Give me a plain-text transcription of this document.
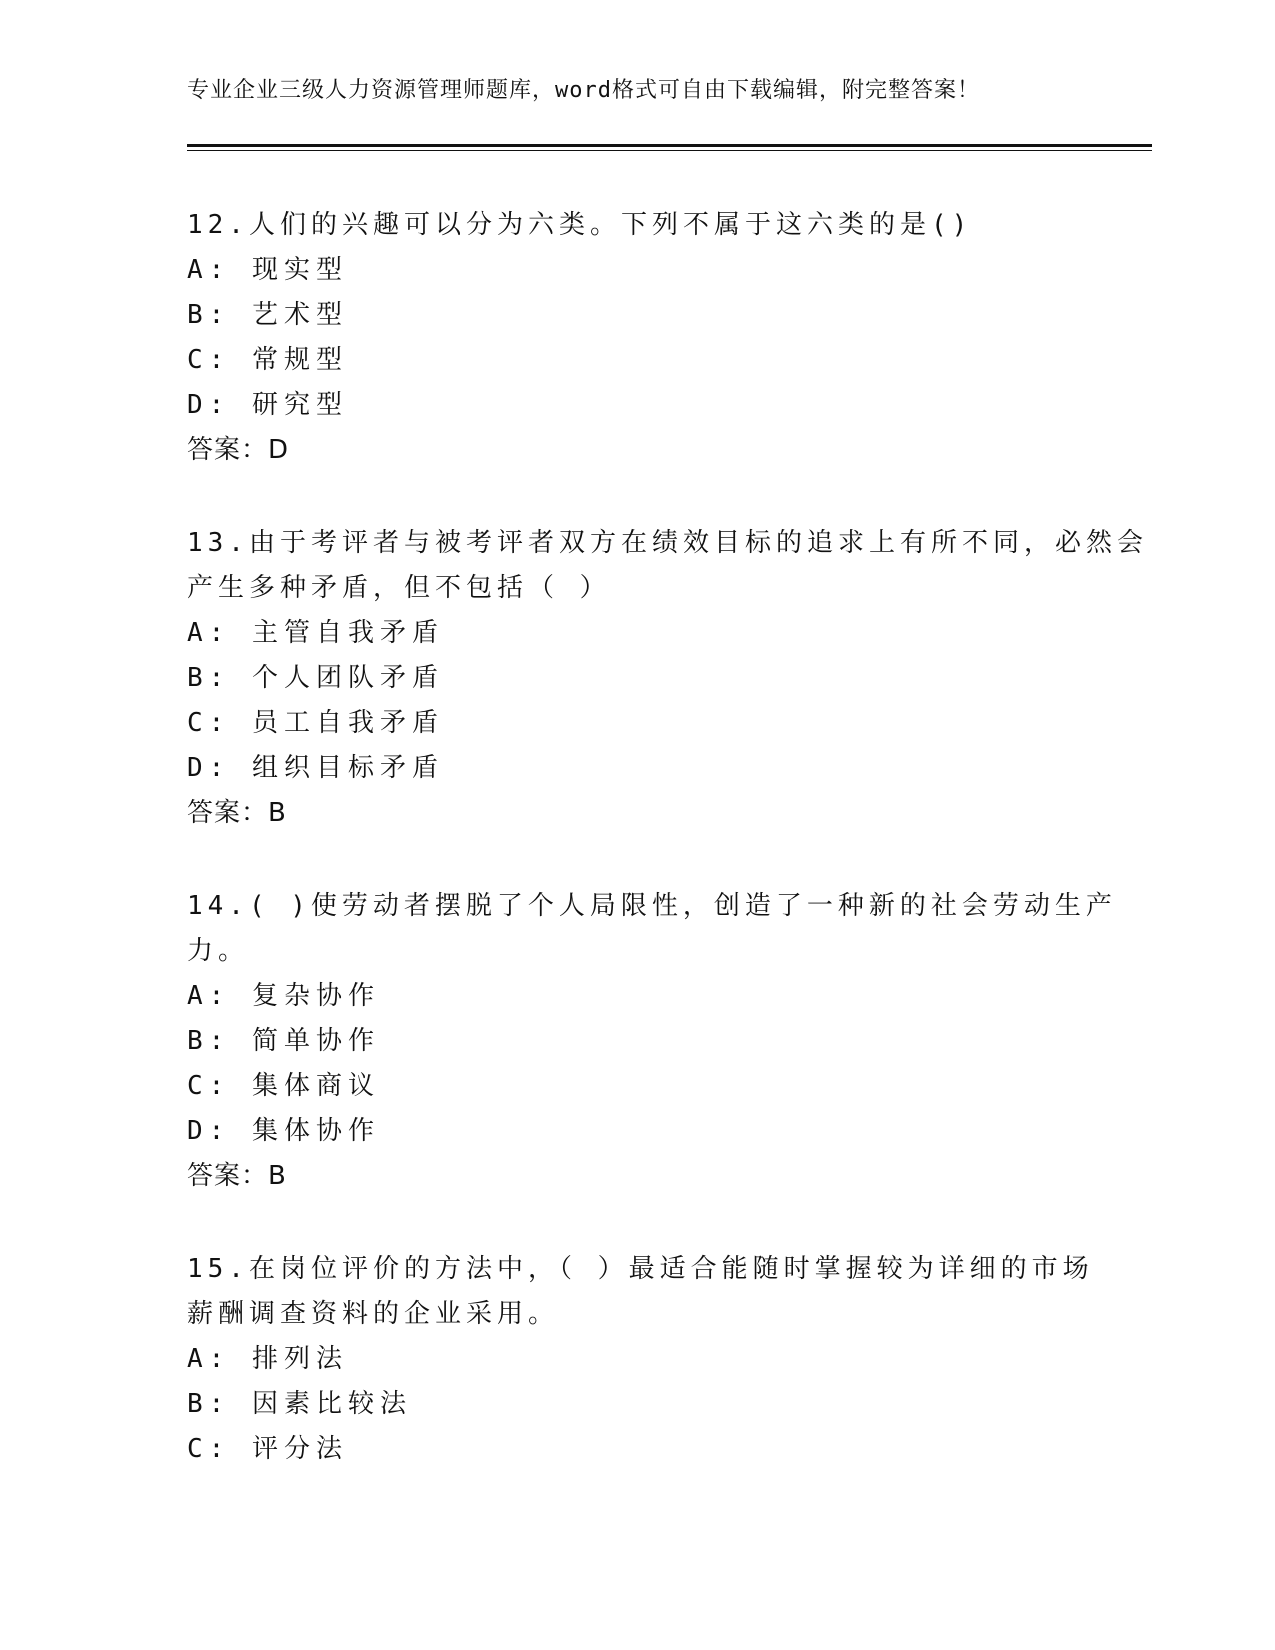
专业企业三级人力资源管理师题库，word格式可自由下载编辑，附完整答案！
12.人们的兴趣可以分为六类。下列不属于这六类的是()
A: 现实型
B: 艺术型
C: 常规型
D: 研究型
答案：D
13.由于考评者与被考评者双方在绩效目标的追求上有所不同，必然会
产生多种矛盾，但不包括（ ）
A: 主管自我矛盾
B: 个人团队矛盾
C: 员工自我矛盾
D: 组织目标矛盾
答案：B
14.( )使劳动者摆脱了个人局限性，创造了一种新的社会劳动生产
力。
A: 复杂协作
B: 简单协作
C: 集体商议
D: 集体协作
答案：B
15.在岗位评价的方法中，（ ）最适合能随时掌握较为详细的市场
薪酬调查资料的企业采用。
A: 排列法
B: 因素比较法
C: 评分法
